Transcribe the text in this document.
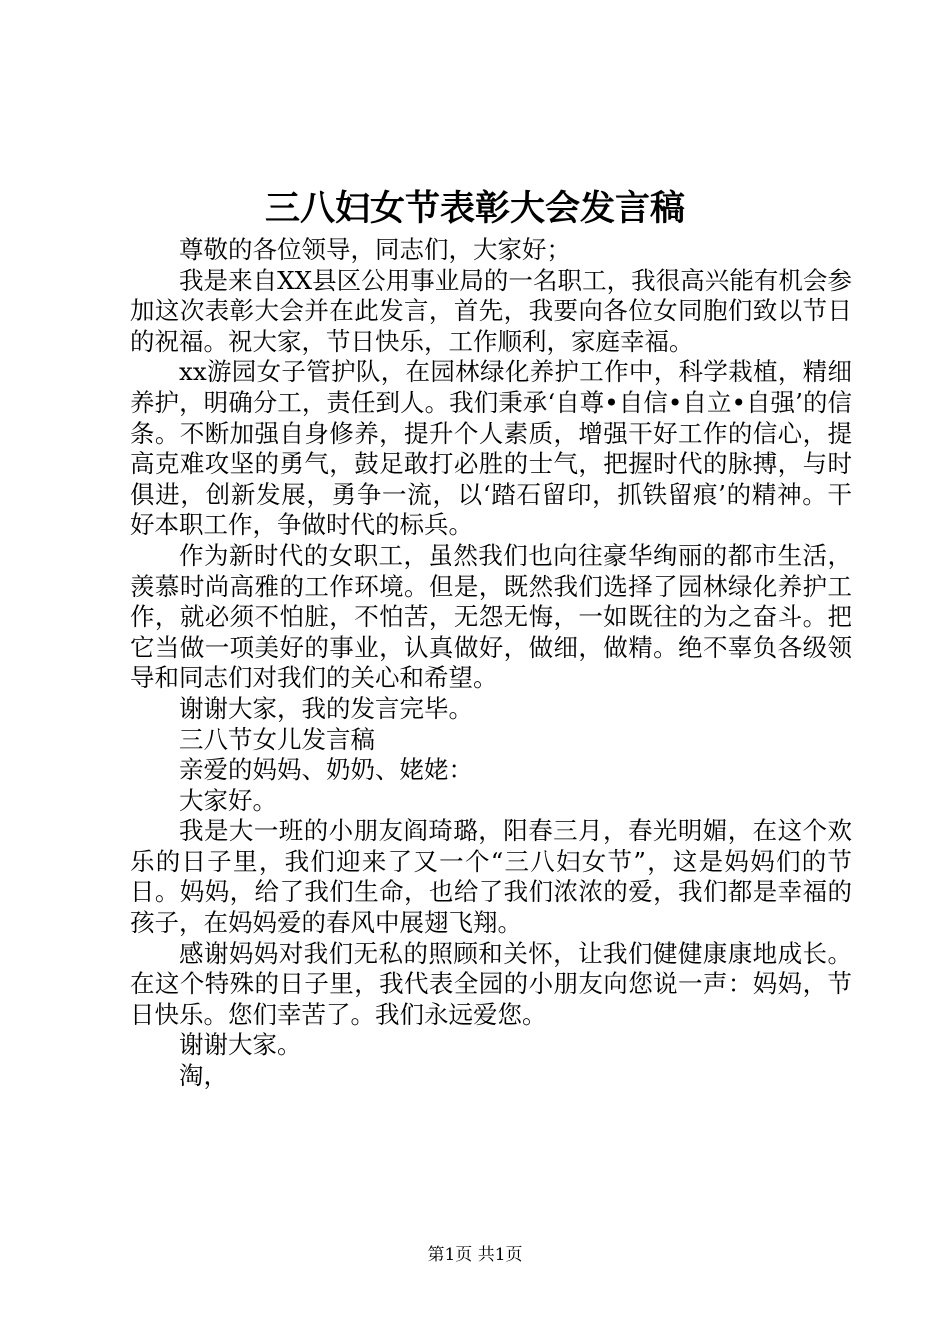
三八妇女节表彰大会发言稿

尊敬的各位领导，同志们，大家好；

我是来自XX县区公用事业局的一名职工，我很高兴能有机会参加这次表彰大会并在此发言，首先，我要向各位女同胞们致以节日的祝福。祝大家，节日快乐，工作顺利，家庭幸福。

xx游园女子管护队，在园林绿化养护工作中，科学栽植，精细养护，明确分工，责任到人。我们秉承‘自尊•自信•自立•自强’的信条。不断加强自身修养，提升个人素质，增强干好工作的信心，提高克难攻坚的勇气，鼓足敢打必胜的士气，把握时代的脉搏，与时俱进，创新发展，勇争一流，以‘踏石留印，抓铁留痕’的精神。干好本职工作，争做时代的标兵。

作为新时代的女职工，虽然我们也向往豪华绚丽的都市生活，羡慕时尚高雅的工作环境。但是，既然我们选择了园林绿化养护工作，就必须不怕脏，不怕苦，无怨无悔，一如既往的为之奋斗。把它当做一项美好的事业，认真做好，做细，做精。绝不辜负各级领导和同志们对我们的关心和希望。

谢谢大家，我的发言完毕。

三八节女儿发言稿

亲爱的妈妈、奶奶、姥姥：

大家好。

我是大一班的小朋友阎琦璐，阳春三月，春光明媚，在这个欢乐的日子里，我们迎来了又一个“三八妇女节”，这是妈妈们的节日。妈妈，给了我们生命，也给了我们浓浓的爱，我们都是幸福的孩子，在妈妈爱的春风中展翅飞翔。

感谢妈妈对我们无私的照顾和关怀，让我们健健康康地成长。在这个特殊的日子里，我代表全园的小朋友向您说一声：妈妈，节日快乐。您们幸苦了。我们永远爱您。

谢谢大家。

淘，

第1页 共1页
